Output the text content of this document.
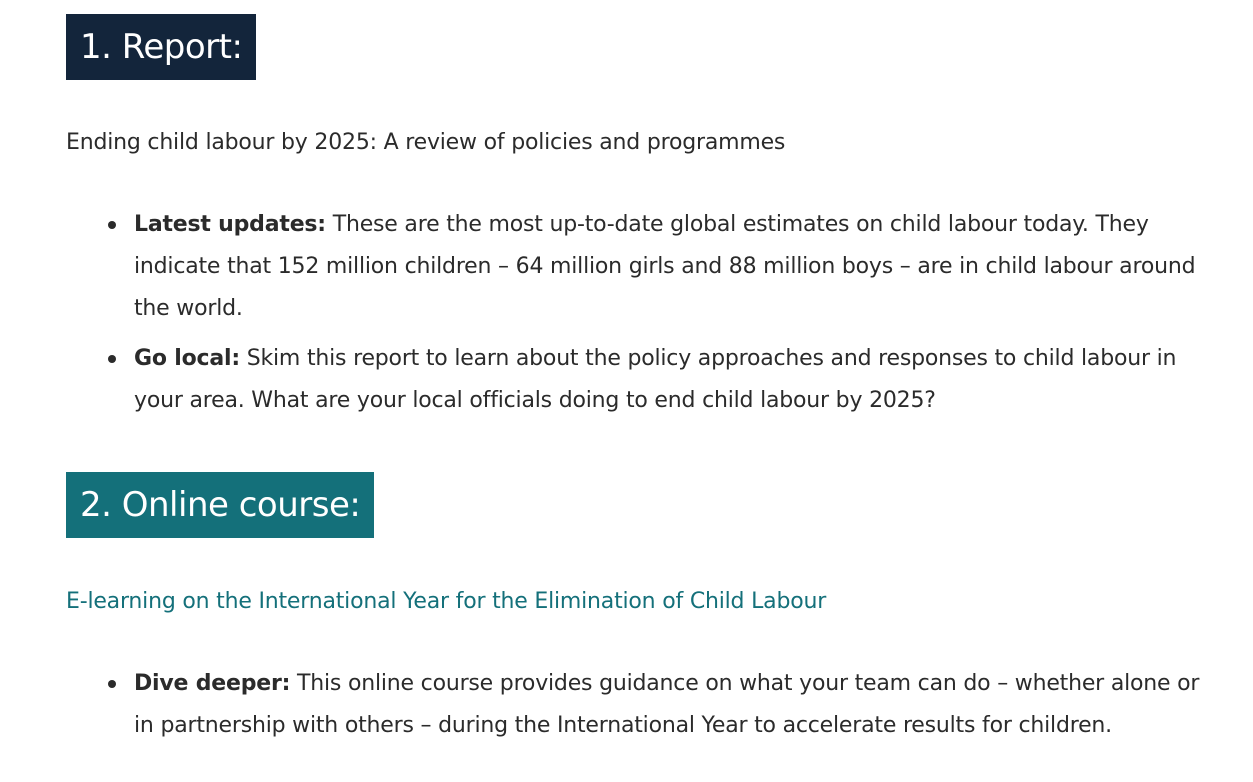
1. Report:
Ending child labour by 2025: A review of policies and programmes
Latest updates: These are the most up-to-date global estimates on child labour today. They indicate that 152 million children – 64 million girls and 88 million boys – are in child labour around the world.
Go local: Skim this report to learn about the policy approaches and responses to child labour in your area. What are your local officials doing to end child labour by 2025?
2. Online course:
E-learning on the International Year for the Elimination of Child Labour
Dive deeper: This online course provides guidance on what your team can do – whether alone or in partnership with others – during the International Year to accelerate results for children.
